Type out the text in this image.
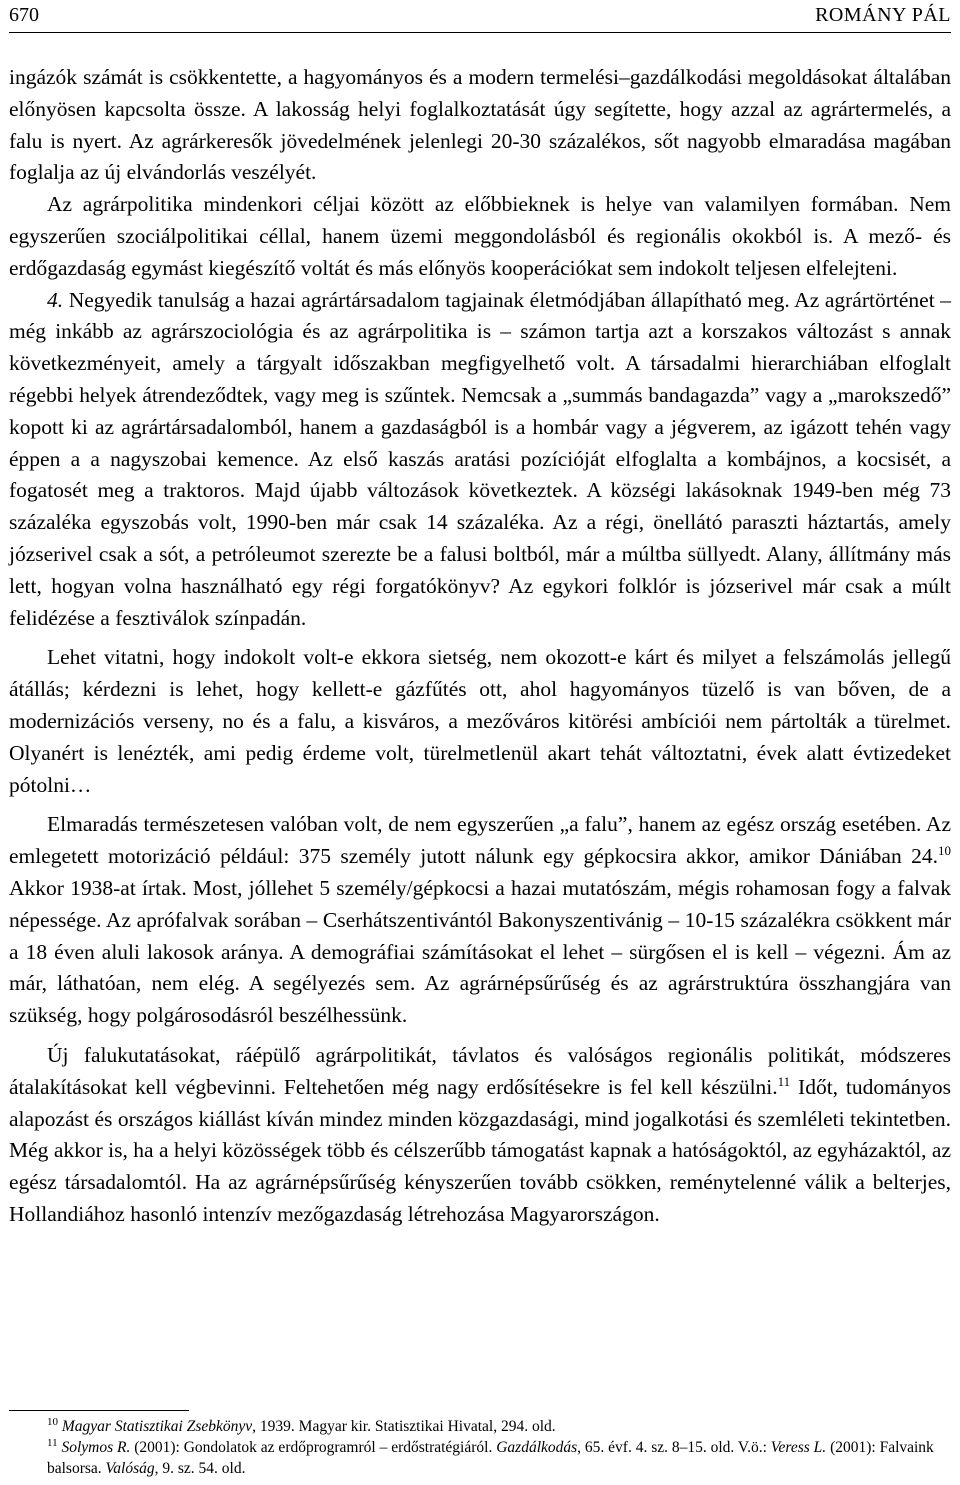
670	ROMÁNY PÁL

ingázók számát is csökkentette, a hagyományos és a modern termelési–gazdálkodási megoldásokat általában előnyösen kapcsolta össze. A lakosság helyi foglalkoztatását úgy segítette, hogy azzal az agrártermelés, a falu is nyert. Az agrárkeresők jövedelmének jelenlegi 20-30 százalékos, sőt nagyobb elmaradása magában foglalja az új elvándorlás veszélyét.

Az agrárpolitika mindenkori céljai között az előbbieknek is helye van valamilyen formában. Nem egyszerűen szociálpolitikai céllal, hanem üzemi meggondolásból és regionális okokból is. A mező- és erdőgazdaság egymást kiegészítő voltát és más előnyös kooperációkat sem indokolt teljesen elfelejteni.

4. Negyedik tanulság a hazai agrártársadalom tagjainak életmódjában állapítható meg. Az agrártörténet – még inkább az agrárszociológia és az agrárpolitika is – számon tartja azt a korszakos változást s annak következményeit, amely a tárgyalt időszakban megfigyelhető volt. A társadalmi hierarchiában elfoglalt régebbi helyek átrendeződtek, vagy meg is szűntek. Nemcsak a „summás bandagazda” vagy a „marokszedő” kopott ki az agrártársadalomból, hanem a gazdaságból is a hombár vagy a jégverem, az igázott tehén vagy éppen a a nagyszobai kemence. Az első kaszás aratási pozícióját elfoglalta a kombájnos, a kocsisét, a fogatosét meg a traktoros. Majd újabb változások következtek. A községi lakásoknak 1949-ben még 73 százaléka egyszobás volt, 1990-ben már csak 14 százaléka. Az a régi, önellátó paraszti háztartás, amely józserivel csak a sót, a petróleumot szerezte be a falusi boltból, már a múltba süllyedt. Alany, állítmány más lett, hogyan volna használható egy régi forgatókönyv? Az egykori folklór is józserivel már csak a múlt felidézése a fesztiválok színpadán.

Lehet vitatni, hogy indokolt volt-e ekkora sietség, nem okozott-e kárt és milyet a felszámolás jellegű átállás; kérdezni is lehet, hogy kellett-e gázfűtés ott, ahol hagyományos tüzelő is van bőven, de a modernizációs verseny, no és a falu, a kisváros, a mezőváros kitörési ambíciói nem pártolták a türelmet. Olyanért is lenézték, ami pedig érdeme volt, türelmetlenül akart tehát változtatni, évek alatt évtizedeket pótolni…

Elmaradás természetesen valóban volt, de nem egyszerűen „a falu”, hanem az egész ország esetében. Az emlegetett motorizáció például: 375 személy jutott nálunk egy gépkocsira akkor, amikor Dániában 24.10 Akkor 1938-at írtak. Most, jóllehet 5 személy/gépkocsi a hazai mutatószám, mégis rohamosan fogy a falvak népessége. Az aprófalvak sorában – Cserhátszentivántól Bakonyszentivánig – 10-15 százalékra csökkent már a 18 éven aluli lakosok aránya. A demográfiai számításokat el lehet – sürgősen el is kell – végezni. Ám az már, láthatóan, nem elég. A segélyezés sem. Az agrárnépsűrűség és az agrárstruktúra összhangjára van szükség, hogy polgárosodásról beszélhessünk.

Új falukutatásokat, ráépülő agrárpolitikát, távlatos és valóságos regionális politikát, módszeres átalakításokat kell végbevinni. Feltehetően még nagy erdősítésekre is fel kell készülni.$^{11}$ Időt, tudományos alapozást és országos kiállást kíván mindez minden közgazdasági, mind jogalkotási és szemléleti tekintetben. Még akkor is, ha a helyi közösségek több és célszerűbb támogatást kapnak a hatóságoktól, az egyházaktól, az egész társadalomtól. Ha az agrárnépsűrűség kényszerűen tovább csökken, reménytelenné válik a belterjes, Hollandiához hasonló intenzív mezőgazdaság létrehozása Magyarországon.

$^{10}$ Magyar Statisztikai Zsebkönyv, 1939. Magyar kir. Statisztikai Hivatal, 294. old.

$^{11}$ Solymos R. (2001): Gondolatok az erdőprogramról – erdőstratégiáról. Gazdálkodás, 65. évf. 4. sz. 8–15. old. V.ö.: Veress L. (2001): Falvaink balsorsa. Valóság, 9. sz. 54. old.
